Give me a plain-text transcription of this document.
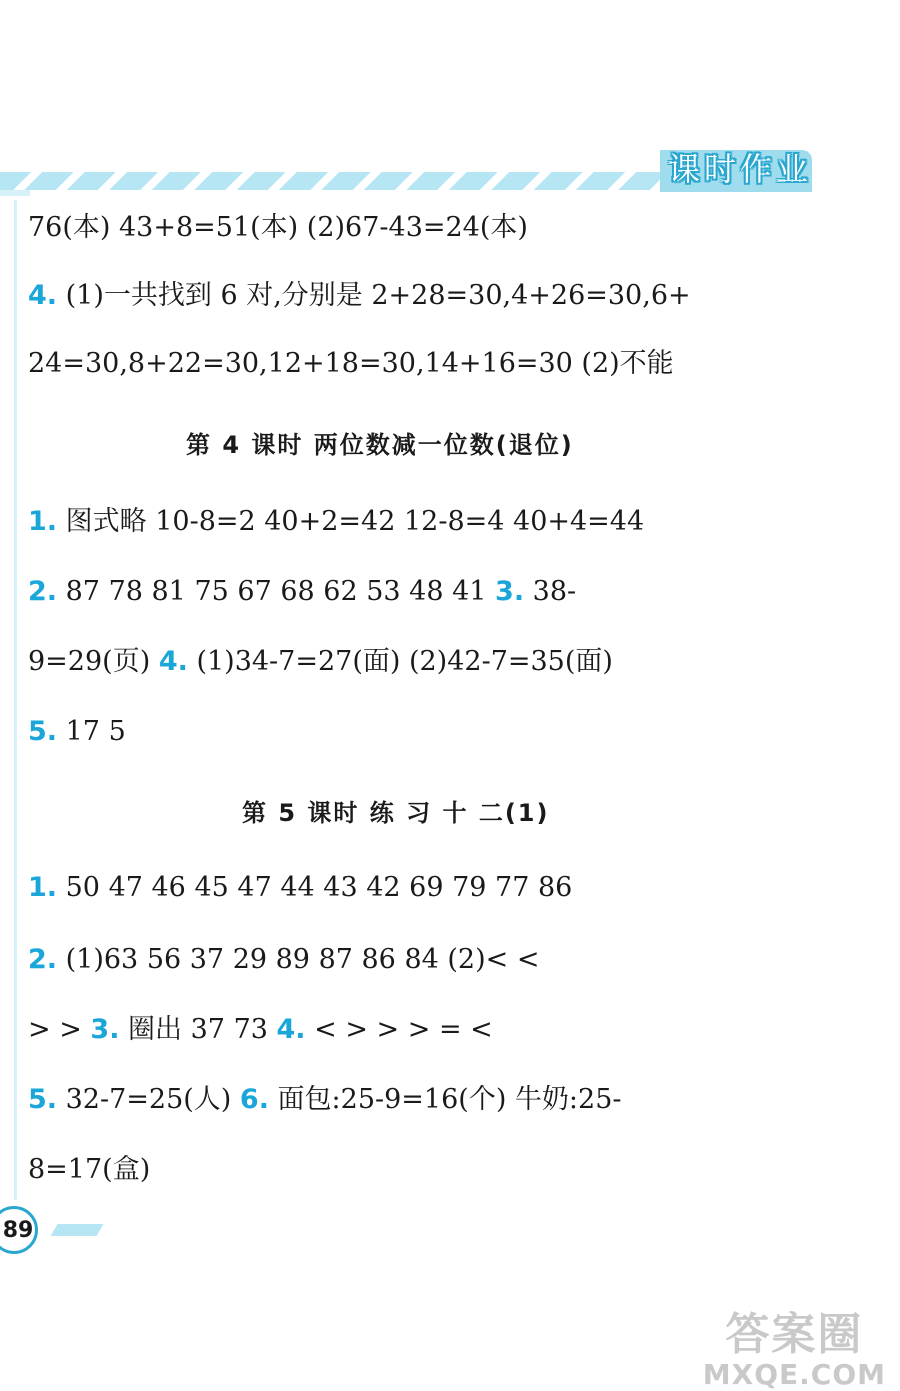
课时作业
76(本) 43+8=51(本) (2)67-43=24(本)
4. (1)一共找到 6 对,分别是 2+28=30,4+26=30,6+
24=30,8+22=30,12+18=30,14+16=30 (2)不能
第 4 课时 两位数减一位数(退位)
1. 图式略 10-8=2 40+2=42 12-8=4 40+4=44
2. 87 78 81 75 67 68 62 53 48 41 3. 38-
9=29(页) 4. (1)34-7=27(面) (2)42-7=35(面)
5. 17 5
第 5 课时 练 习 十 二(1)
1. 50 47 46 45 47 44 43 42 69 79 77 86
2. (1)63 56 37 29 89 87 86 84 (2)< <
> > 3. 圈出 37 73 4. < > > > = <
5. 32-7=25(人) 6. 面包:25-9=16(个) 牛奶:25-
8=17(盒)
89
答案圈
MXQE.COM
